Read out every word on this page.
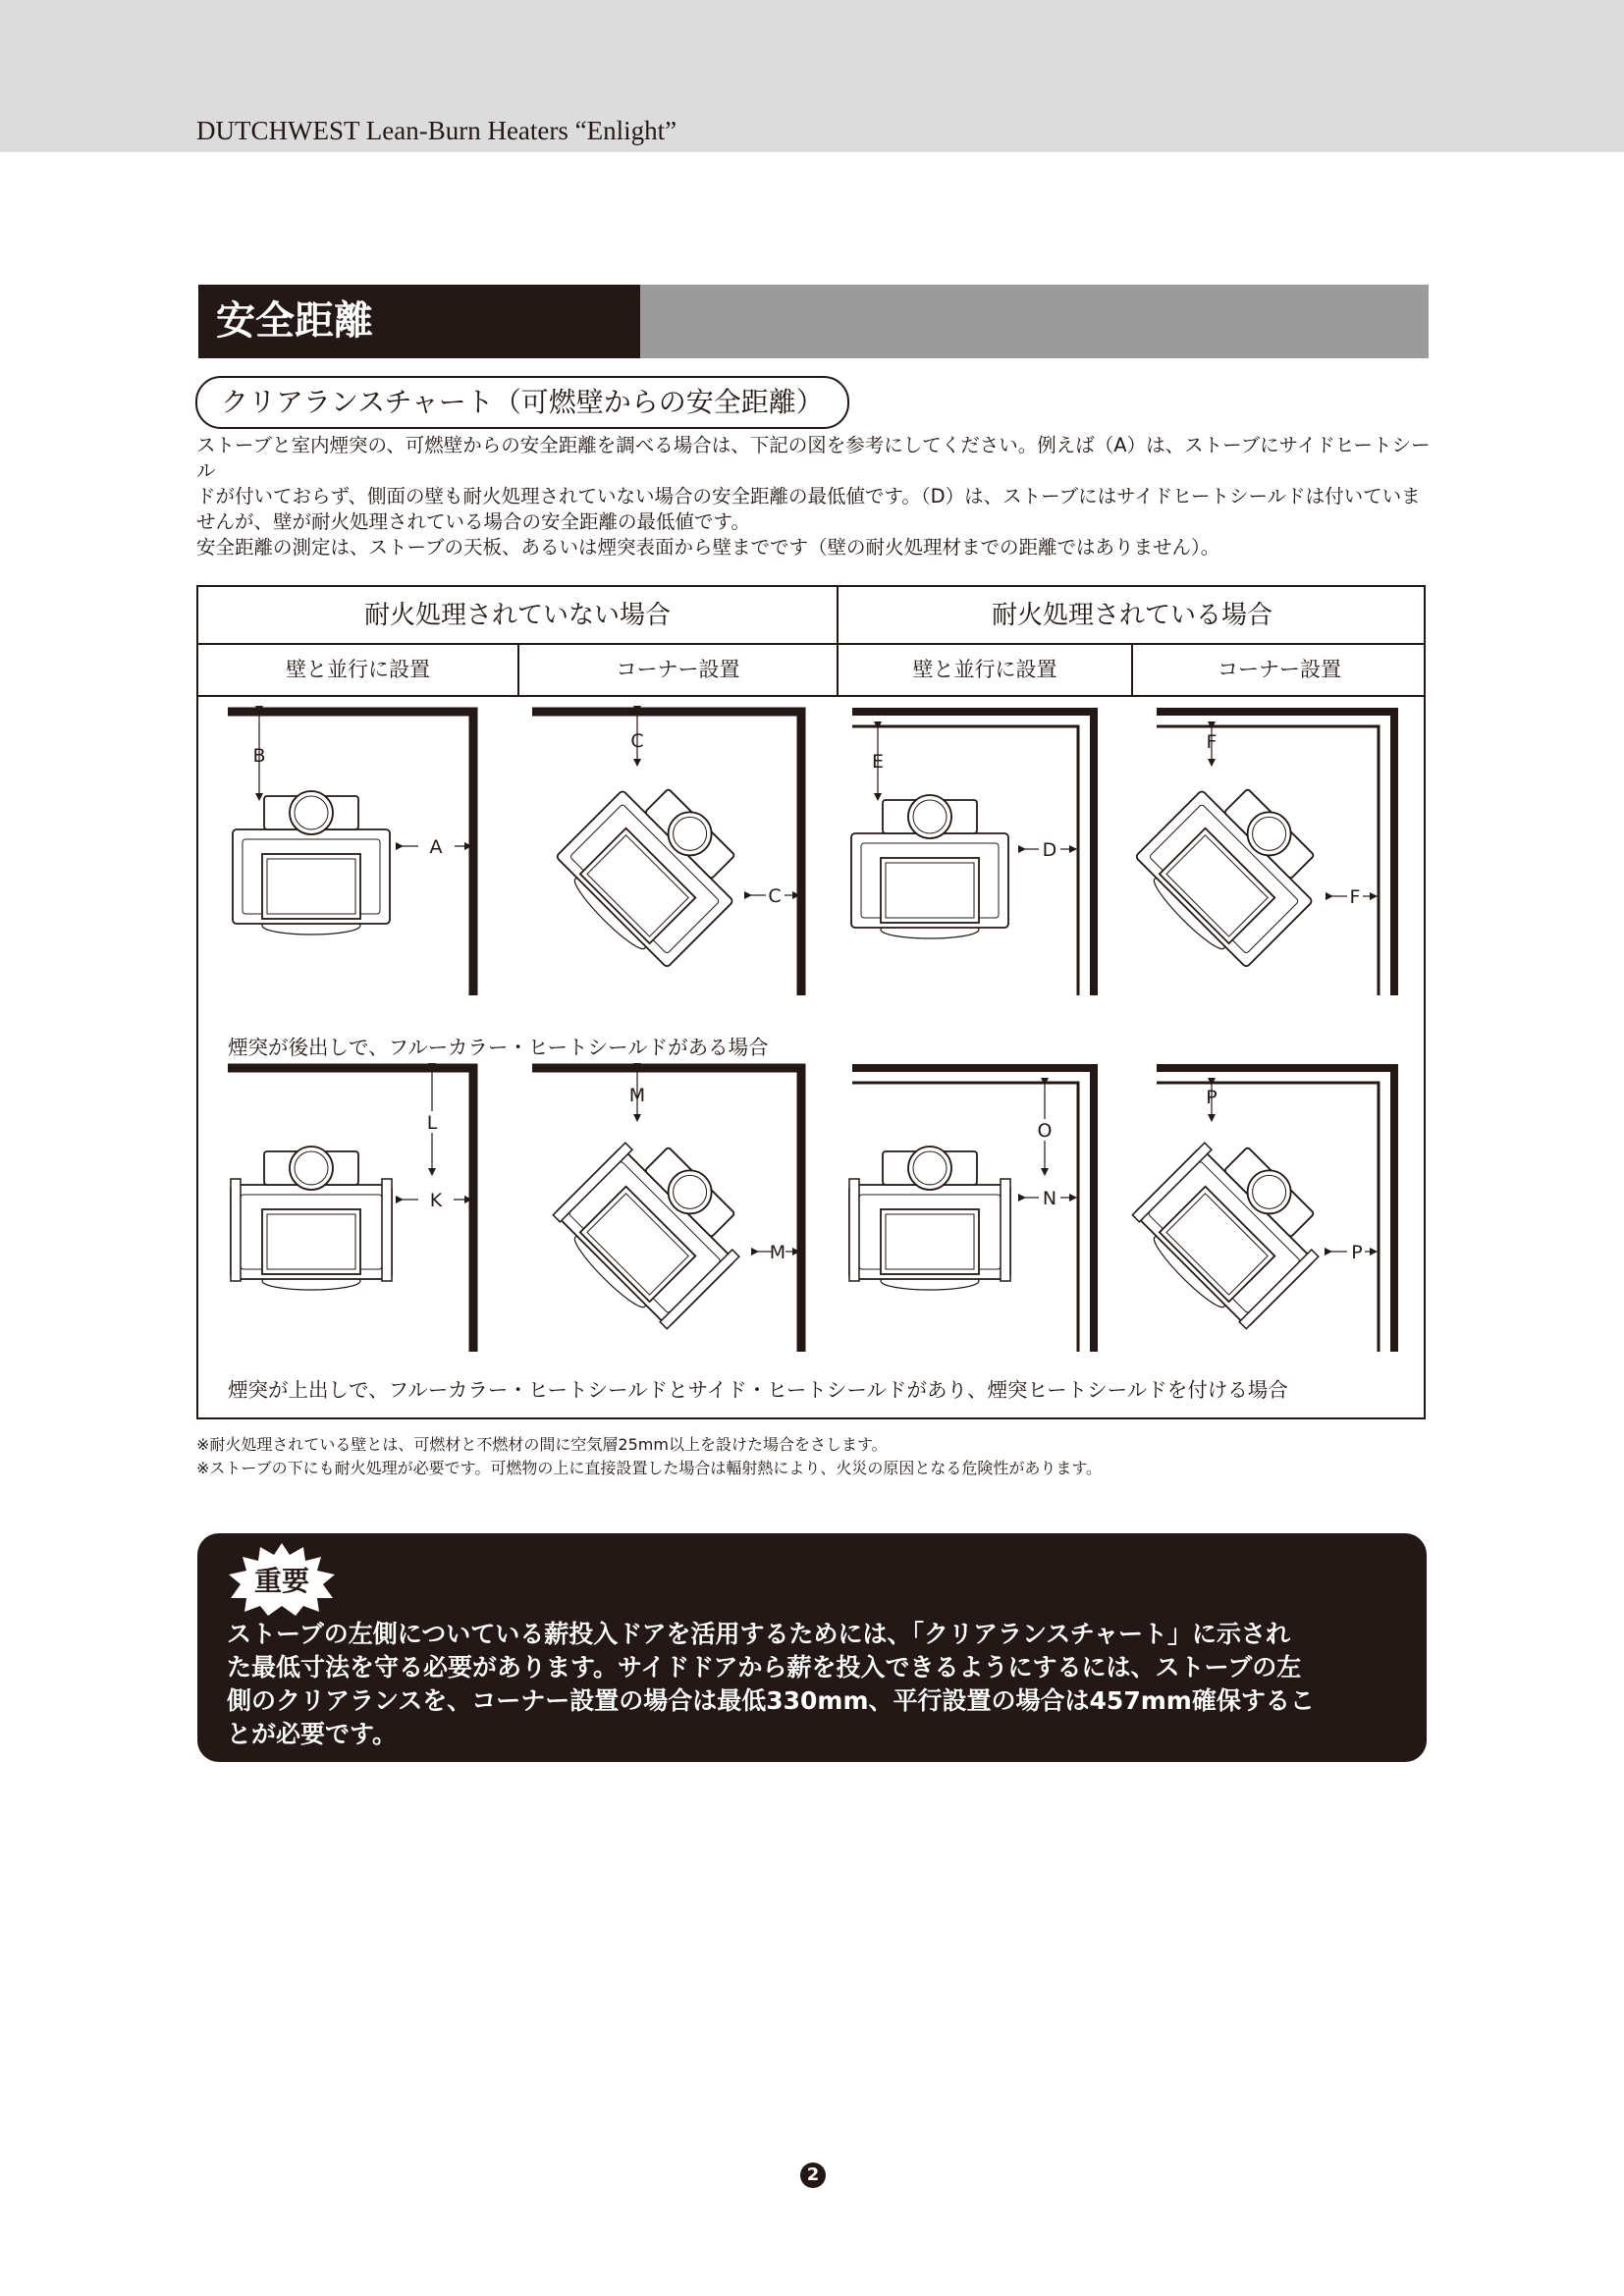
DUTCHWEST Lean-Burn Heaters “Enlight”
安全距離
クリアランスチャート（可燃壁からの安全距離）

ストーブと室内煙突の、可燃壁からの安全距離を調べる場合は、下記の図を参考にしてください。例えば（A）は、ストーブにサイドヒートシール

ドが付いておらず、側面の壁も耐火処理されていない場合の安全距離の最低値です。（D）は、ストーブにはサイドヒートシールドは付いていま

せんが、壁が耐火処理されている場合の安全距離の最低値です。

安全距離の測定は、ストーブの天板、あるいは煙突表面から壁までです（壁の耐火処理材までの距離ではありません）。

耐火処理されていない場合	耐火処理されている場合
壁と並行に設置	コーナー設置	壁と並行に設置	コーナー設置
B
A
C
C
E
D
F
F
L
K
M
M
O
N
P
P
煙突が後出しで、フルーカラー・ヒートシールドがある場合
煙突が上出しで、フルーカラー・ヒートシールドとサイド・ヒートシールドがあり、煙突ヒートシールドを付ける場合

※耐火処理されている壁とは、可燃材と不燃材の間に空気層25mm以上を設けた場合をさします。

※ストーブの下にも耐火処理が必要です。可燃物の上に直接設置した場合は輻射熱により、火災の原因となる危険性があります。

重要
ストーブの左側についている薪投入ドアを活用するためには、「クリアランスチャート」に示され
た最低寸法を守る必要があります。サイドドアから薪を投入できるようにするには、ストーブの左
側のクリアランスを、コーナー設置の場合は最低330mm、平行設置の場合は457mm確保するこ
とが必要です。
2
